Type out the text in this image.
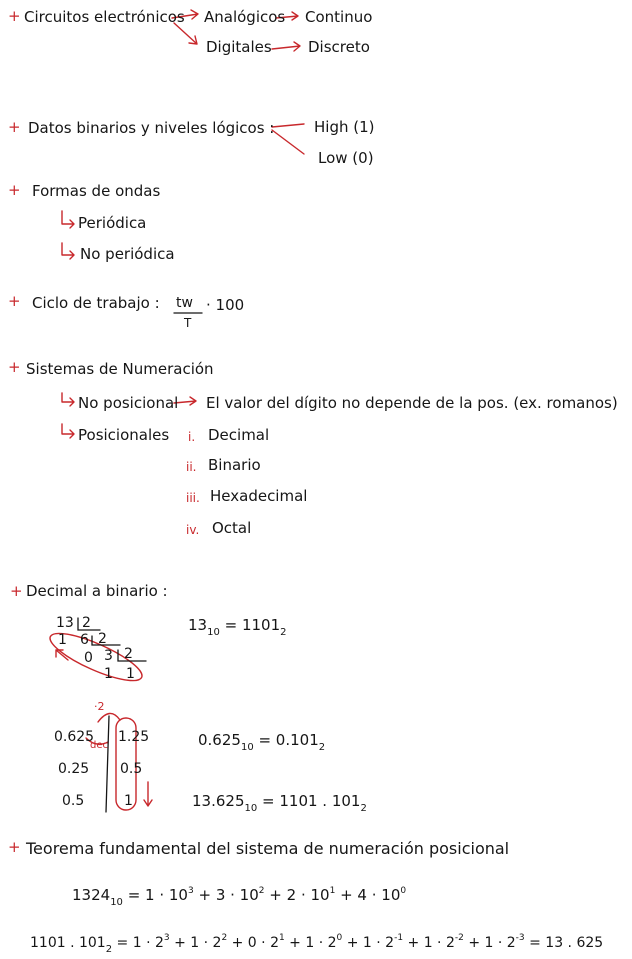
+ Circuitos electrónicos Analógicos Continuo
Digitales Discreto
+ Datos binarios y niveles lógicos :	High (1)
Low (0)
+ Formas de ondas
Periódica
No periódica
+ Ciclo de trabajo : tw
T
· 100
+ Sistemas de Numeración
No posicional El valor del dígito no depende de la pos. (ex. romanos)
Posicionales i. Decimal
ii. Binario
iii. Hexadecimal
iv. Octal
+ Decimal a binario :
13 2
1 6 2
0 3 2
1 1
$13_{10} = 1101_2$
·2
dec
0.625 1.25
0.25 0.5
0.5	1
$0.625_{10} = 0.101_2$
$13.625_{10} = 1101$ . $101_2$
+ Teorema fundamental del sistema de numeración posicional
$1324_{10} = 1 \cdot 10^3 + 3 \cdot 10^2 + 2 \cdot 10^1 + 4 \cdot 10^0$
1101 . $101_2 = 1 \cdot 2^3 + 1 \cdot 2^2 + 0 \cdot 2^1 + 1 \cdot 2^0 + 1 \cdot 2^{-1} + 1 \cdot 2^{-2} + 1 \cdot 2^{-3} = 13$ . 625
